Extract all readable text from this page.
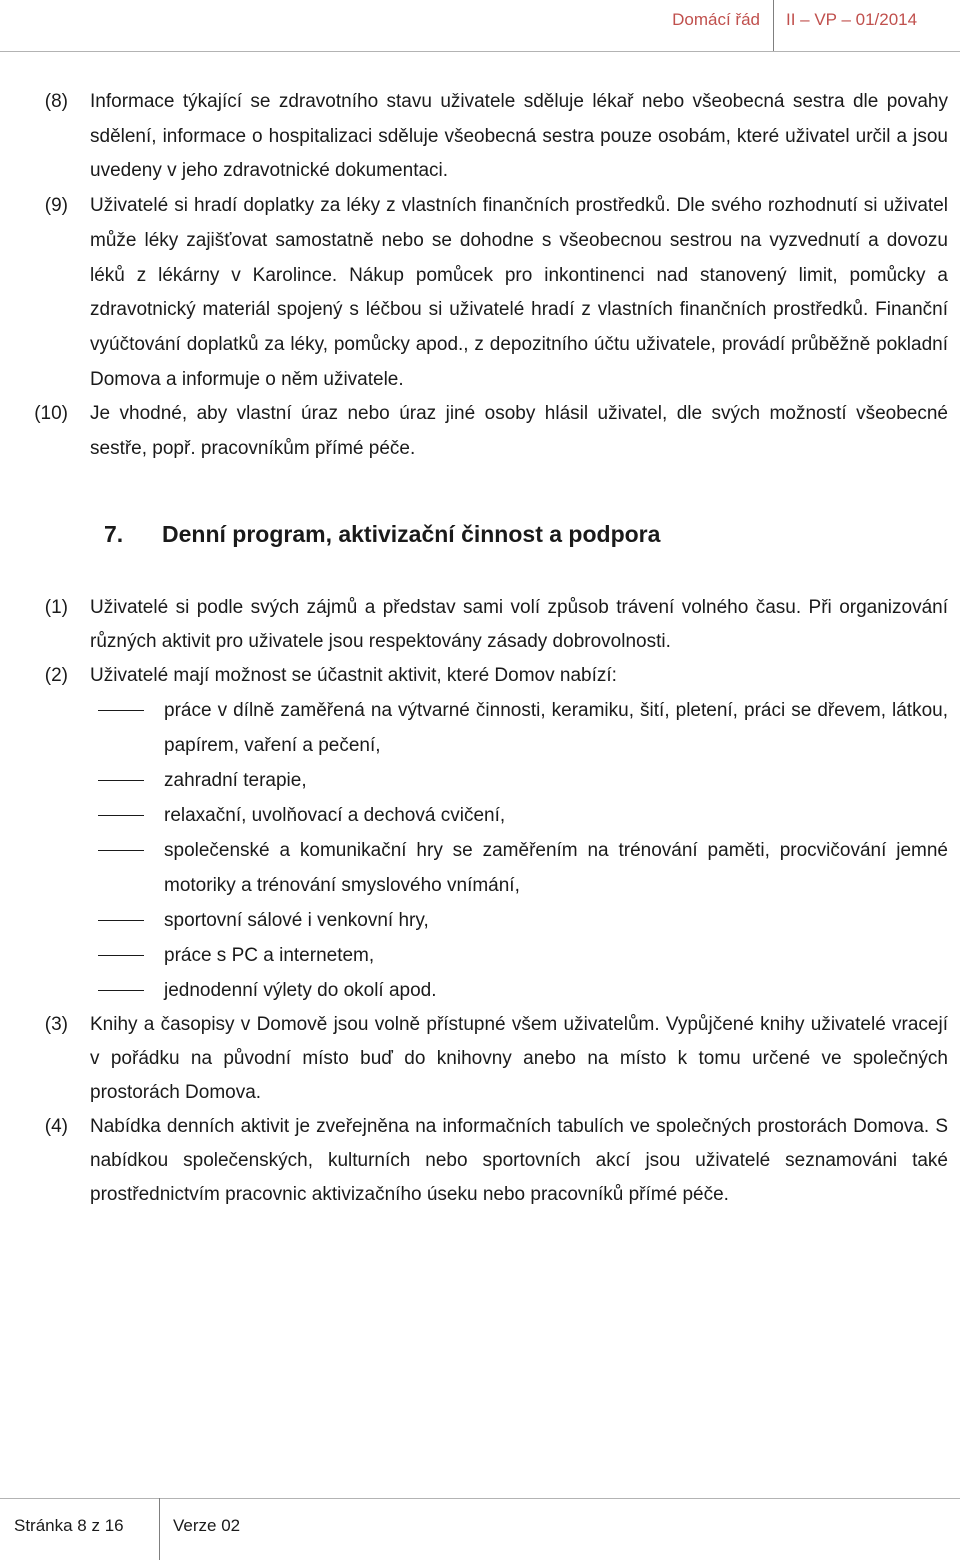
Domácí řád II – VP – 01/2014
(8) Informace týkající se zdravotního stavu uživatele sděluje lékař nebo všeobecná sestra dle povahy sdělení, informace o hospitalizaci sděluje všeobecná sestra pouze osobám, které uživatel určil a jsou uvedeny v jeho zdravotnické dokumentaci.
(9) Uživatelé si hradí doplatky za léky z vlastních finančních prostředků. Dle svého rozhodnutí si uživatel může léky zajišťovat samostatně nebo se dohodne s všeobecnou sestrou na vyzvednutí a dovozu léků z lékárny v Karolince. Nákup pomůcek pro inkontinenci nad stanovený limit, pomůcky a zdravotnický materiál spojený s léčbou si uživatelé hradí z vlastních finančních prostředků. Finanční vyúčtování doplatků za léky, pomůcky apod., z depozitního účtu uživatele, provádí průběžně pokladní Domova a informuje o něm uživatele.
(10) Je vhodné, aby vlastní úraz nebo úraz jiné osoby hlásil uživatel, dle svých možností všeobecné sestře, popř. pracovníkům přímé péče.
7. Denní program, aktivizační činnost a podpora
(1) Uživatelé si podle svých zájmů a představ sami volí způsob trávení volného času. Při organizování různých aktivit pro uživatele jsou respektovány zásady dobrovolnosti.
(2) Uživatelé mají možnost se účastnit aktivit, které Domov nabízí:
práce v dílně zaměřená na výtvarné činnosti, keramiku, šití, pletení, práci se dřevem, látkou, papírem, vaření a pečení,
zahradní terapie,
relaxační, uvolňovací a dechová cvičení,
společenské a komunikační hry se zaměřením na trénování paměti, procvičování jemné motoriky a trénování smyslového vnímání,
sportovní sálové i venkovní hry,
práce s PC a internetem,
jednodenní výlety do okolí apod.
(3) Knihy a časopisy v Domově jsou volně přístupné všem uživatelům. Vypůjčené knihy uživatelé vracejí v pořádku na původní místo buď do knihovny anebo na místo k tomu určené ve společných prostorách Domova.
(4) Nabídka denních aktivit je zveřejněna na informačních tabulích ve společných prostorách Domova. S nabídkou společenských, kulturních nebo sportovních akcí jsou uživatelé seznamováni také prostřednictvím pracovnic aktivizačního úseku nebo pracovníků přímé péče.
Stránka 8 z 16	Verze 02
